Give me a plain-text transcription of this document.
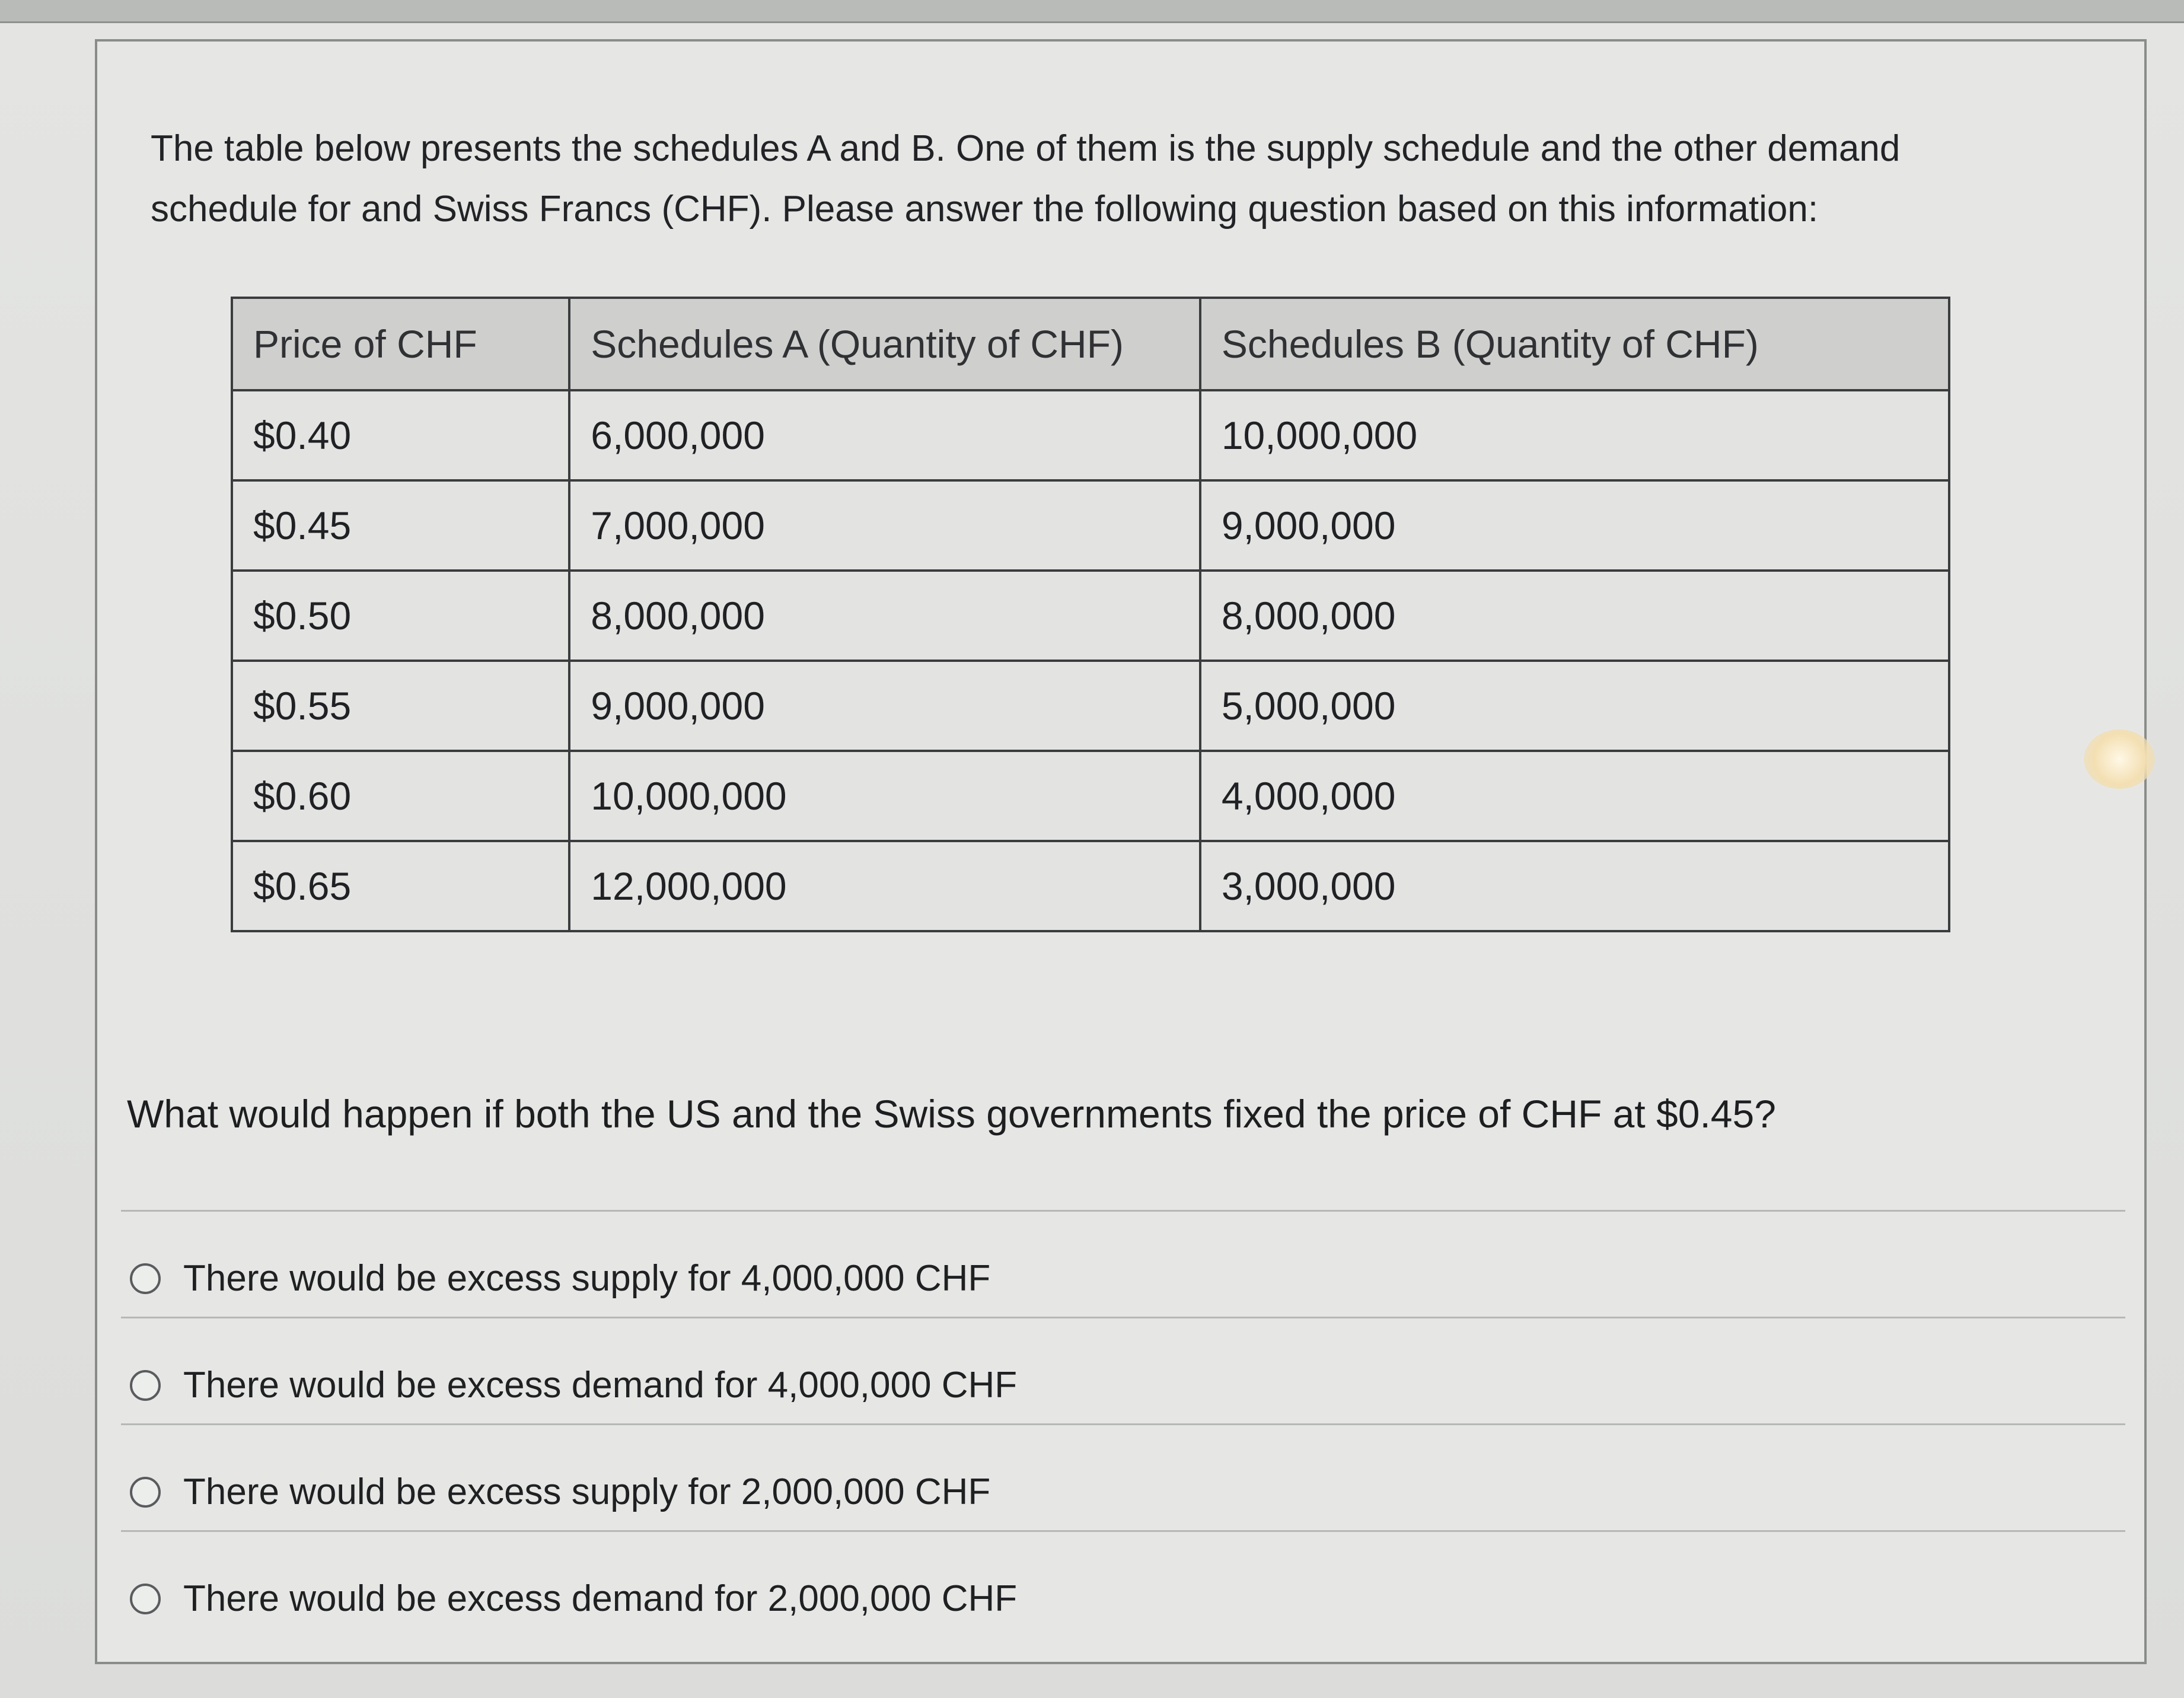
The table below presents the schedules A and B. One of them is the supply schedule and the other demand
schedule for and Swiss Francs (CHF). Please answer the following question based on this information:

Price of CHF	Schedules A (Quantity of CHF)	Schedules B (Quantity of CHF)
$0.40	6,000,000	10,000,000
$0.45	7,000,000	9,000,000
$0.50	8,000,000	8,000,000
$0.55	9,000,000	5,000,000
$0.60	10,000,000	4,000,000
$0.65	12,000,000	3,000,000

What would happen if both the US and the Swiss governments fixed the price of CHF at $0.45?

There would be excess supply for 4,000,000 CHF
There would be excess demand for 4,000,000 CHF
There would be excess supply for 2,000,000 CHF
There would be excess demand for 2,000,000 CHF
